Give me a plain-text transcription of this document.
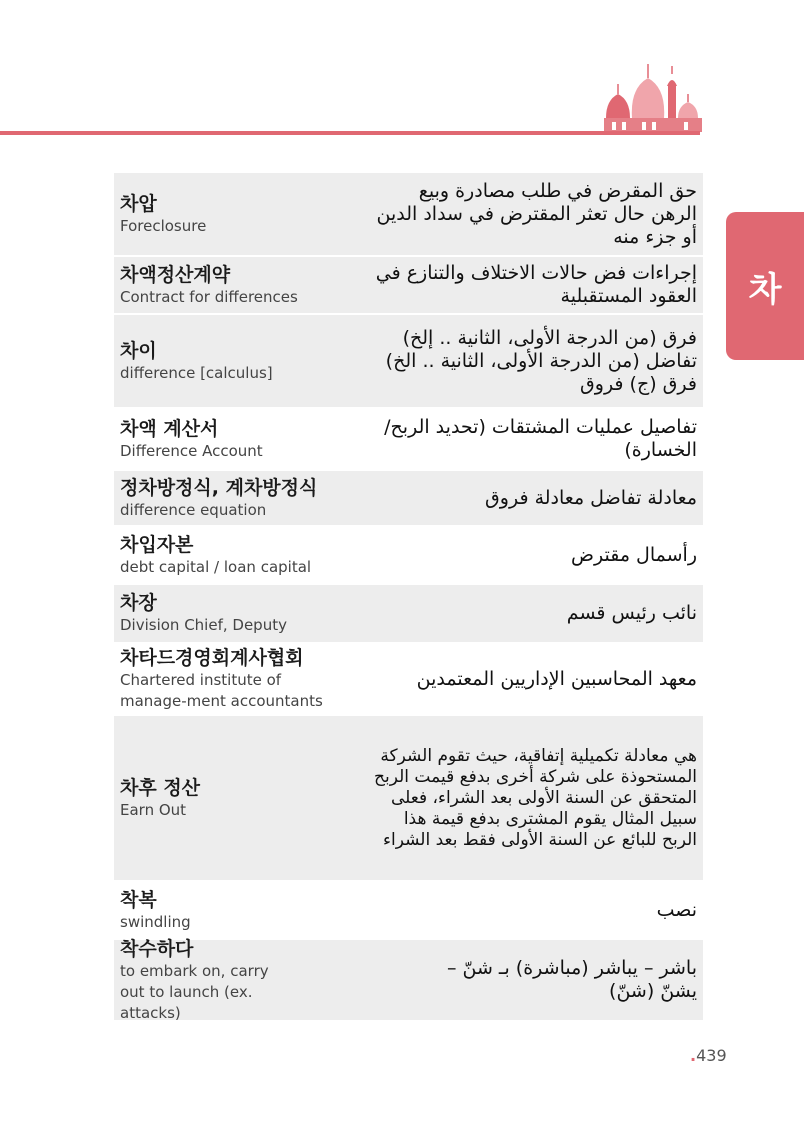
차
차압
Foreclosure
حق المقرض في طلب مصادرة وبيع الرهن حال تعثر المقترض في سداد الدين أو جزء منه
차액정산계약
Contract for differences
إجراءات فض حالات الاختلاف والتنازع في العقود المستقبلية
차이
difference [calculus]
فرق (من الدرجة الأولى، الثانية .. إلخ) تفاضل (من الدرجة الأولى، الثانية .. الخ) فرق (ج) فروق
차액 계산서
Difference Account
تفاصيل عمليات المشتقات (تحديد الربح/ الخسارة)
정차방정식, 계차방정식
difference equation
معادلة تفاضل معادلة فروق
차입자본
debt capital / loan capital
رأسمال مقترض
차장
Division Chief, Deputy
نائب رئيس قسم
차타드경영회계사협회
Chartered institute of manage-ment accountants
معهد المحاسبين الإداريين المعتمدين
차후 정산
Earn Out
هي معادلة تكميلية إتفاقية، حيث تقوم الشركة المستحوذة على شركة أخرى بدفع قيمت الربح المتحقق عن السنة الأولى بعد الشراء، فعلى سبيل المثال يقوم المشترى بدفع قيمة هذا الربح للبائع عن السنة الأولى فقط بعد الشراء
착복
swindling
نصب
착수하다
to embark on, carry out to launch (ex. attacks)
باشر – يباشر (مباشرة) بـ شنّ – يشنّ (شنّ)
.439
